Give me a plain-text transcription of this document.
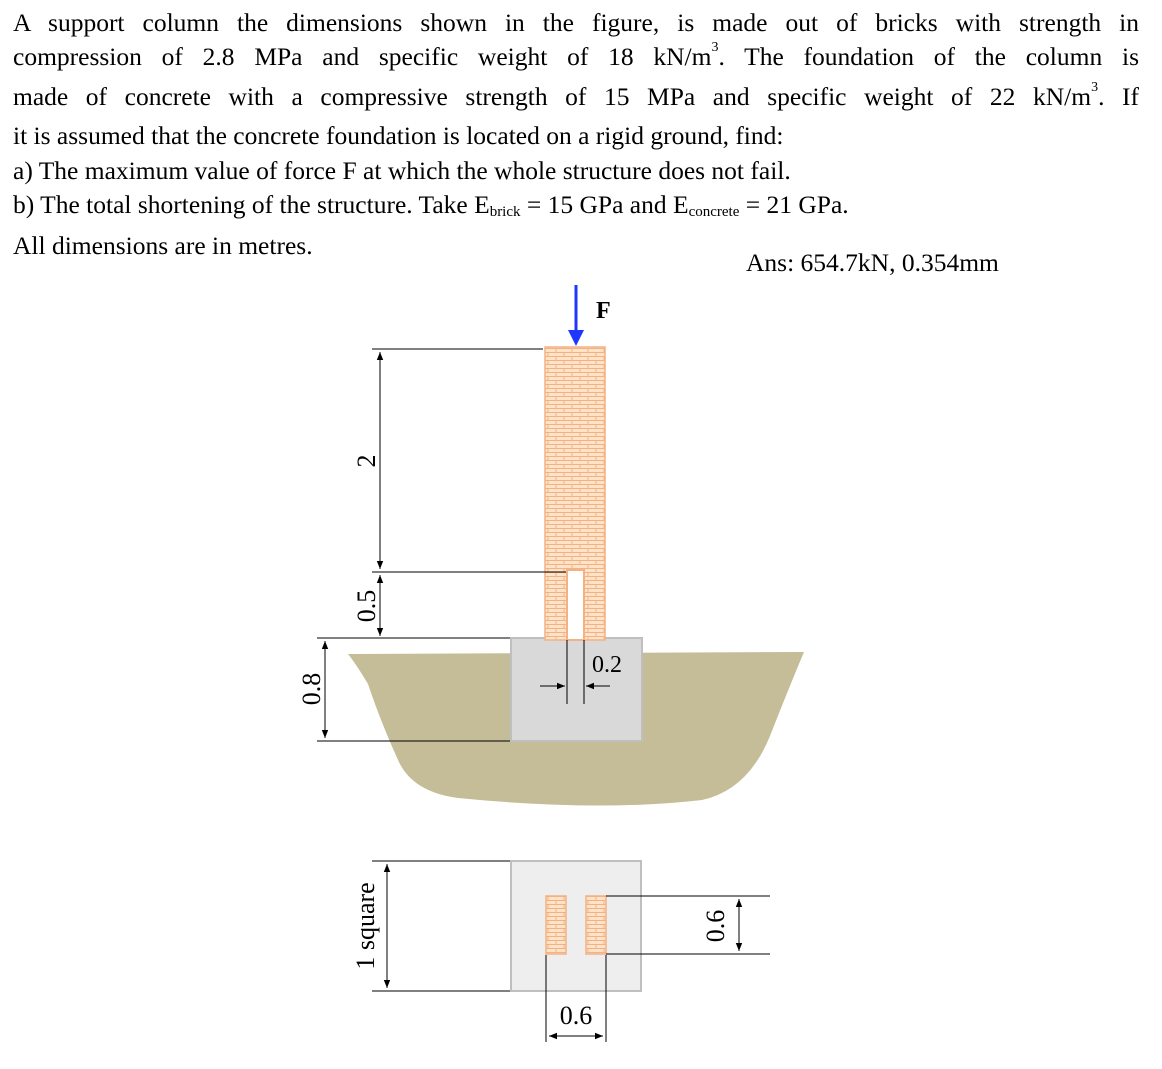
A support column the dimensions shown in the figure, is made out of bricks with strength in

compression of 2.8 MPa and specific weight of 18 $kN/m^3$. The foundation of the column is

made of concrete with a compressive strength of 15 MPa and specific weight of 22 $kN/m^3$. If

it is assumed that the concrete foundation is located on a rigid ground, find:

a) The maximum value of force F at which the whole structure does not fail.

b) The total shortening of the structure. Take $E_{brick} = 15$ GPa and $E_{concrete} = 21$ GPa.

All dimensions are in metres.

Ans: 654.7kN, 0.354mm
F
2
0.5
0.8
0.2
1 square	0.6
0.6
